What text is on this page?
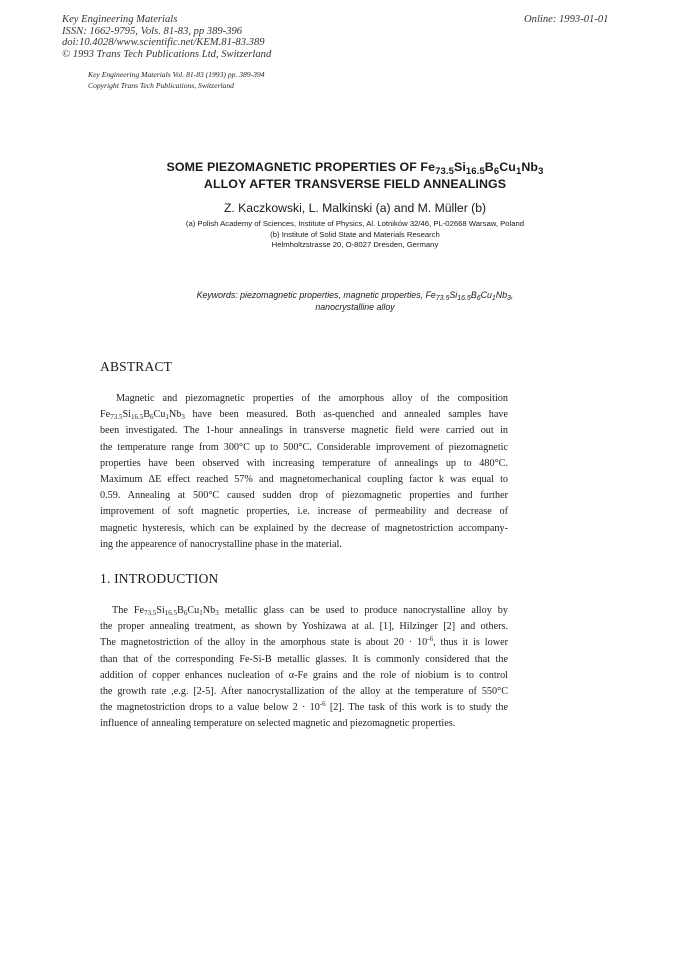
Key Engineering Materials
ISSN: 1662-9795, Vols. 81-83, pp 389-396
doi:10.4028/www.scientific.net/KEM.81-83.389
© 1993 Trans Tech Publications Ltd, Switzerland
Online: 1993-01-01
Key Engineering Materials Vol. 81-83 (1993) pp. 389-394
Copyright Trans Tech Publications, Switzerland
SOME PIEZOMAGNETIC PROPERTIES OF $Fe_{73.5}Si_{16.5}B_6Cu_1Nb_3$
ALLOY AFTER TRANSVERSE FIELD ANNEALINGS
Z. Kaczkowski, L. Malkinski (a) and M. Müller (b)
(a) Polish Academy of Sciences, Institute of Physics, Al. Lotników 32/46, PL-02668 Warsaw, Poland
(b) Institute of Solid State and Materials Research
Helmholtzstrasse 20, O-8027 Dresden, Germany
Keywords: piezomagnetic properties, magnetic properties, $Fe_{73.5}Si_{16.5}B_6Cu_1Nb_3$,
nanocrystalline alloy
ABSTRACT
Magnetic and piezomagnetic properties of the amorphous alloy of the composition
$Fe_{73.5}Si_{16.5}B_6Cu_1Nb_3$ have been measured. Both as-quenched and annealed samples have
been investigated. The 1-hour annealings in transverse magnetic field were carried out in
the temperature range from 300°C up to 500°C. Considerable improvement of piezomagnetic
properties have been observed with increasing temperature of annealings up to 480°C.
Maximum ΔE effect reached 57% and magnetomechanical coupling factor k was equal to
0.59. Annealing at 500°C caused sudden drop of piezomagnetic properties and further
improvement of soft magnetic properties, i.e. increase of permeability and decrease of
magnetic hysteresis, which can be explained by the decrease of magnetostriction accompany-
ing the appearence of nanocrystalline phase in the material.
1. INTRODUCTION
The $Fe_{73.5}Si_{16.5}B_6Cu_1Nb_3$ metallic glass can be used to produce nanocrystalline alloy by
the proper annealing treatment, as shown by Yoshizawa at al. [1], Hilzinger [2] and others.
The magnetostriction of the alloy in the amorphous state is about $20 \cdot 10^{-6}$, thus it is lower
than that of the corresponding Fe-Si-B metallic glasses. It is commonly considered that the
addition of copper enhances nucleation of α-Fe grains and the role of niobium is to control
the growth rate ,e.g. [2-5]. After nanocrystallization of the alloy at the temperature of 550°C
the magnetostriction drops to a value below $2 \cdot 10^{-6}$ [2]. The task of this work is to study the
influence of annealing temperature on selected magnetic and piezomagnetic properties.
